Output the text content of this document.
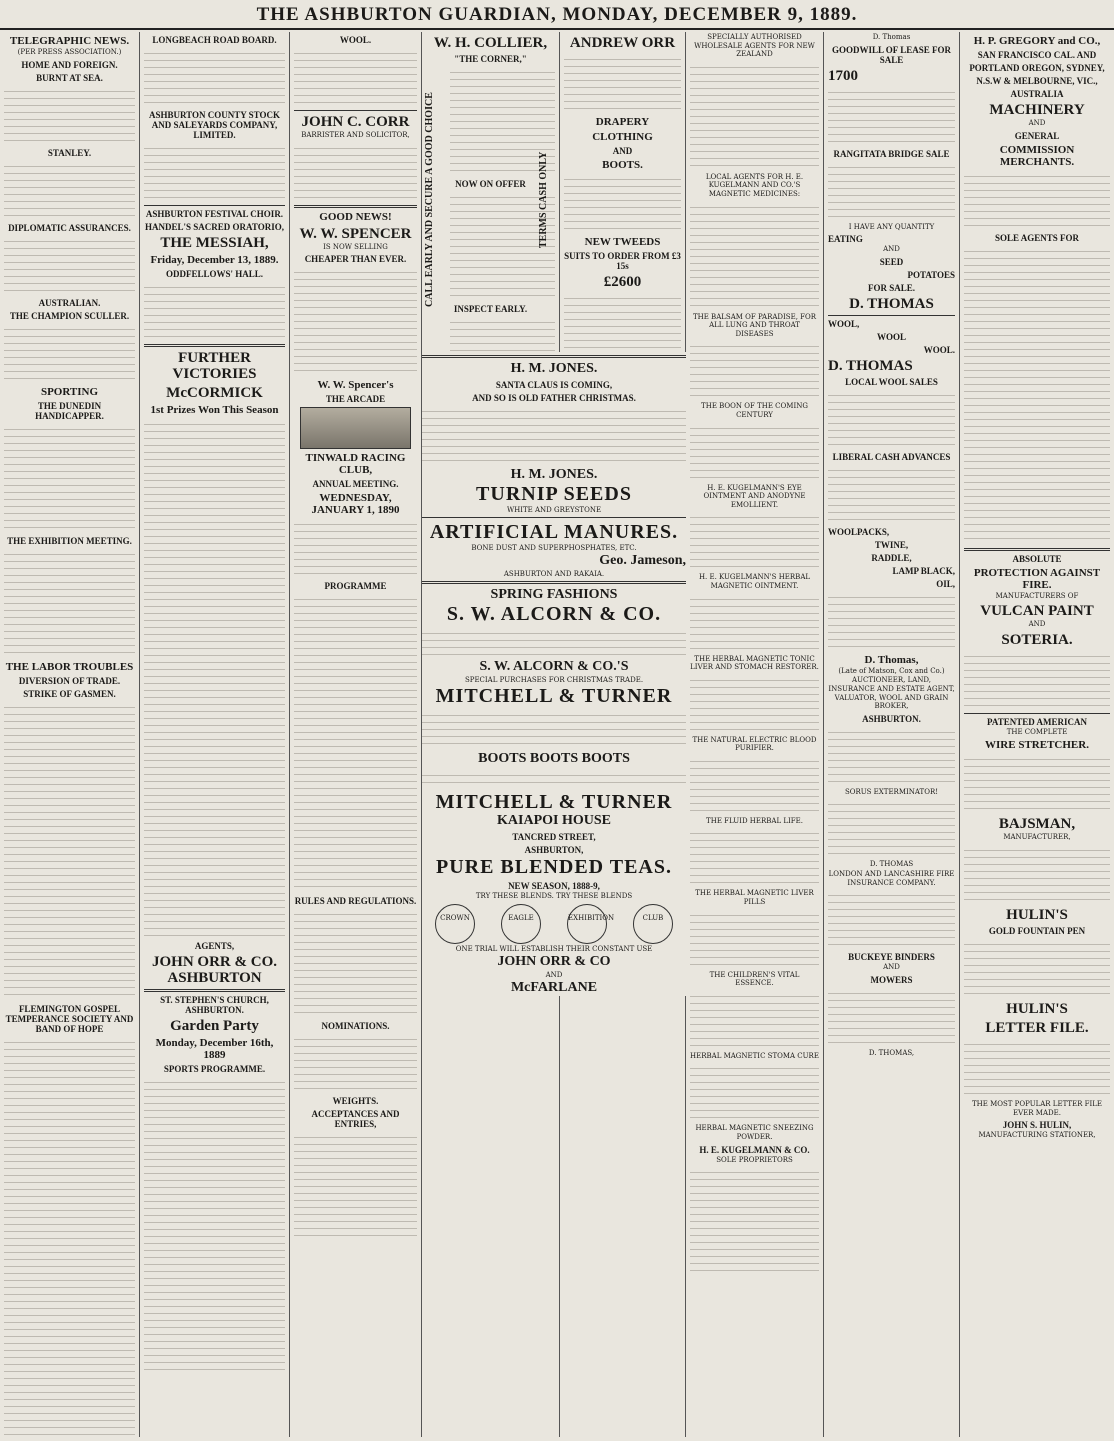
THE ASHBURTON GUARDIAN, MONDAY, DECEMBER 9, 1889.
TELEGRAPHIC NEWS.
(PER PRESS ASSOCIATION.)
HOME AND FOREIGN.
BURNT AT SEA.
STANLEY.
DIPLOMATIC ASSURANCES.
AUSTRALIAN.
THE CHAMPION SCULLER.
SPORTING
THE DUNEDIN HANDICAPPER.
THE EXHIBITION MEETING.
THE LABOR TROUBLES
DIVERSION OF TRADE.
STRIKE OF GASMEN.
FLEMINGTON GOSPEL TEMPERANCE SOCIETY AND BAND OF HOPE
LONGBEACH ROAD BOARD.
ASHBURTON COUNTY STOCK AND SALEYARDS COMPANY, LIMITED.
ASHBURTON FESTIVAL CHOIR.
HANDEL'S SACRED ORATORIO,
THE MESSIAH,
Friday, December 13, 1889.
ODDFELLOWS' HALL.
FURTHER VICTORIES
McCORMICK
1st Prizes Won This Season
AGENTS,
JOHN ORR & CO. ASHBURTON
ST. STEPHEN'S CHURCH, ASHBURTON.
Garden Party
Monday, December 16th, 1889
SPORTS PROGRAMME.
WOOL.
JOHN C. CORR
BARRISTER AND SOLICITOR,
GOOD NEWS!
W. W. SPENCER
IS NOW SELLING
CHEAPER THAN EVER.
W. W. Spencer's
THE ARCADE
TINWALD RACING CLUB,
ANNUAL MEETING.
WEDNESDAY, JANUARY 1, 1890
PROGRAMME
RULES AND REGULATIONS.
NOMINATIONS.
WEIGHTS.
ACCEPTANCES AND ENTRIES,
W. H. COLLIER,
"THE CORNER,"
NOW ON OFFER
INSPECT EARLY.
CALL EARLY AND SECURE A GOOD CHOICE
ANDREW ORR
DRAPERY
CLOTHING
AND
BOOTS.
NEW TWEEDS
SUITS TO ORDER FROM £3 15s
£2600
H. M. JONES.
SANTA CLAUS IS COMING,
AND SO IS OLD FATHER CHRISTMAS.
H. M. JONES.
TURNIP SEEDS
WHITE AND GREYSTONE
ARTIFICIAL MANURES.
BONE DUST AND SUPERPHOSPHATES, ETC.
Geo. Jameson,
ASHBURTON AND RAKAIA.
SPRING FASHIONS
S. W. ALCORN & CO.
S. W. ALCORN & CO.'S
SPECIAL PURCHASES FOR CHRISTMAS TRADE.
MITCHELL & TURNER
BOOTS BOOTS BOOTS
MITCHELL & TURNER
KAIAPOI HOUSE
TANCRED STREET,
ASHBURTON,
PURE BLENDED TEAS.
NEW SEASON, 1888-9,
TRY THESE BLENDS. TRY THESE BLENDS
CROWN	EAGLE	EXHIBITION	CLUB
ONE TRIAL WILL ESTABLISH THEIR CONSTANT USE
JOHN ORR & CO
AND
McFARLANE
TERMS CASH ONLY
SPECIALLY AUTHORISED WHOLESALE AGENTS FOR NEW ZEALAND
LOCAL AGENTS FOR H. E. KUGELMANN AND CO.'S MAGNETIC MEDICINES:
THE BALSAM OF PARADISE, FOR ALL LUNG AND THROAT DISEASES
THE BOON OF THE COMING CENTURY
H. E. KUGELMANN'S EYE OINTMENT AND ANODYNE EMOLLIENT.
H. E. KUGELMANN'S HERBAL MAGNETIC OINTMENT.
THE HERBAL MAGNETIC TONIC LIVER AND STOMACH RESTORER.
THE NATURAL ELECTRIC BLOOD PURIFIER.
THE FLUID HERBAL LIFE.
THE HERBAL MAGNETIC LIVER PILLS
THE CHILDREN'S VITAL ESSENCE.
HERBAL MAGNETIC STOMA CURE
HERBAL MAGNETIC SNEEZING POWDER.
H. E. KUGELMANN & CO.
SOLE PROPRIETORS
D. Thomas
GOODWILL OF LEASE FOR SALE
1700
RANGITATA BRIDGE SALE
I HAVE ANY QUANTITY
EATING
AND
SEED
POTATOES
FOR SALE.
D. THOMAS
WOOL,
WOOL
WOOL.
D. THOMAS
LOCAL WOOL SALES
LIBERAL CASH ADVANCES
WOOLPACKS,
TWINE,
RADDLE,
LAMP BLACK,
OIL,
D. Thomas,
(Late of Matson, Cox and Co.)
AUCTIONEER, LAND, INSURANCE AND ESTATE AGENT, VALUATOR, WOOL AND GRAIN BROKER,
ASHBURTON.
SORUS EXTERMINATOR!
D. THOMAS
LONDON AND LANCASHIRE FIRE INSURANCE COMPANY.
BUCKEYE BINDERS
AND
MOWERS
D. THOMAS,
H. P. GREGORY and CO.,
SAN FRANCISCO CAL. AND
PORTLAND OREGON, SYDNEY,
N.S.W & MELBOURNE, VIC.,
AUSTRALIA
MACHINERY
AND
GENERAL
COMMISSION MERCHANTS.
SOLE AGENTS FOR
ABSOLUTE
PROTECTION AGAINST FIRE.
MANUFACTURERS OF
VULCAN PAINT
AND
SOTERIA.
PATENTED AMERICAN
THE COMPLETE
WIRE STRETCHER.
BAJSMAN,
MANUFACTURER,
HULIN'S
GOLD FOUNTAIN PEN
HULIN'S
LETTER FILE.
THE MOST POPULAR LETTER FILE EVER MADE.
JOHN S. HULIN,
MANUFACTURING STATIONER,
